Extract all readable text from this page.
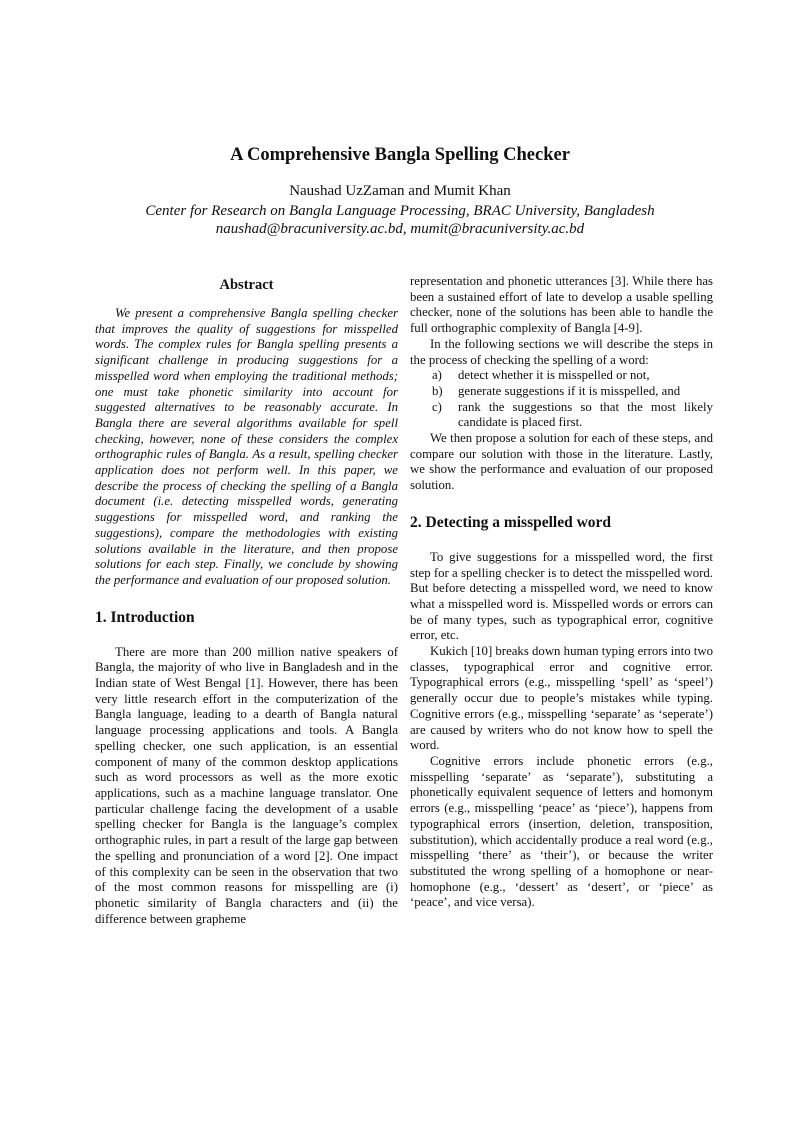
A Comprehensive Bangla Spelling Checker
Naushad UzZaman and Mumit Khan
Center for Research on Bangla Language Processing, BRAC University, Bangladesh
naushad@bracuniversity.ac.bd, mumit@bracuniversity.ac.bd
Abstract

We present a comprehensive Bangla spelling checker that improves the quality of suggestions for misspelled words. The complex rules for Bangla spelling presents a significant challenge in producing suggestions for a misspelled word when employing the traditional methods; one must take phonetic similarity into account for suggested alternatives to be reasonably accurate. In Bangla there are several algorithms available for spell checking, however, none of these considers the complex orthographic rules of Bangla. As a result, spelling checker application does not perform well. In this paper, we describe the process of checking the spelling of a Bangla document (i.e. detecting misspelled words, generating suggestions for misspelled word, and ranking the suggestions), compare the methodologies with existing solutions available in the literature, and then propose solutions for each step. Finally, we conclude by showing the performance and evaluation of our proposed solution.

1. Introduction

There are more than 200 million native speakers of Bangla, the majority of who live in Bangladesh and in the Indian state of West Bengal [1]. However, there has been very little research effort in the computerization of the Bangla language, leading to a dearth of Bangla natural language processing applications and tools. A Bangla spelling checker, one such application, is an essential component of many of the common desktop applications such as word processors as well as the more exotic applications, such as a machine language translator. One particular challenge facing the development of a usable spelling checker for Bangla is the language’s complex orthographic rules, in part a result of the large gap between the spelling and pronunciation of a word [2]. One impact of this complexity can be seen in the observation that two of the most common reasons for misspelling are (i) phonetic similarity of Bangla characters and (ii) the difference between grapheme

representation and phonetic utterances [3]. While there has been a sustained effort of late to develop a usable spelling checker, none of the solutions has been able to handle the full orthographic complexity of Bangla [4-9].

In the following sections we will describe the steps in the process of checking the spelling of a word:

a) detect whether it is misspelled or not,
b) generate suggestions if it is misspelled, and
c) rank the suggestions so that the most likely candidate is placed first.

We then propose a solution for each of these steps, and compare our solution with those in the literature. Lastly, we show the performance and evaluation of our proposed solution.

2. Detecting a misspelled word

To give suggestions for a misspelled word, the first step for a spelling checker is to detect the misspelled word. But before detecting a misspelled word, we need to know what a misspelled word is. Misspelled words or errors can be of many types, such as typographical error, cognitive error, etc.

Kukich [10] breaks down human typing errors into two classes, typographical error and cognitive error. Typographical errors (e.g., misspelling ‘spell’ as ‘speel’) generally occur due to people’s mistakes while typing. Cognitive errors (e.g., misspelling ‘separate’ as ‘seperate’) are caused by writers who do not know how to spell the word.

Cognitive errors include phonetic errors (e.g., misspelling ‘separate’ as ‘separate’), substituting a phonetically equivalent sequence of letters and homonym errors (e.g., misspelling ‘peace’ as ‘piece’), happens from typographical errors (insertion, deletion, transposition, substitution), which accidentally produce a real word (e.g., misspelling ‘there’ as ‘their’), or because the writer substituted the wrong spelling of a homophone or near-homophone (e.g., ‘dessert’ as ‘desert’, or ‘piece’ as ‘peace’, and vice versa).
